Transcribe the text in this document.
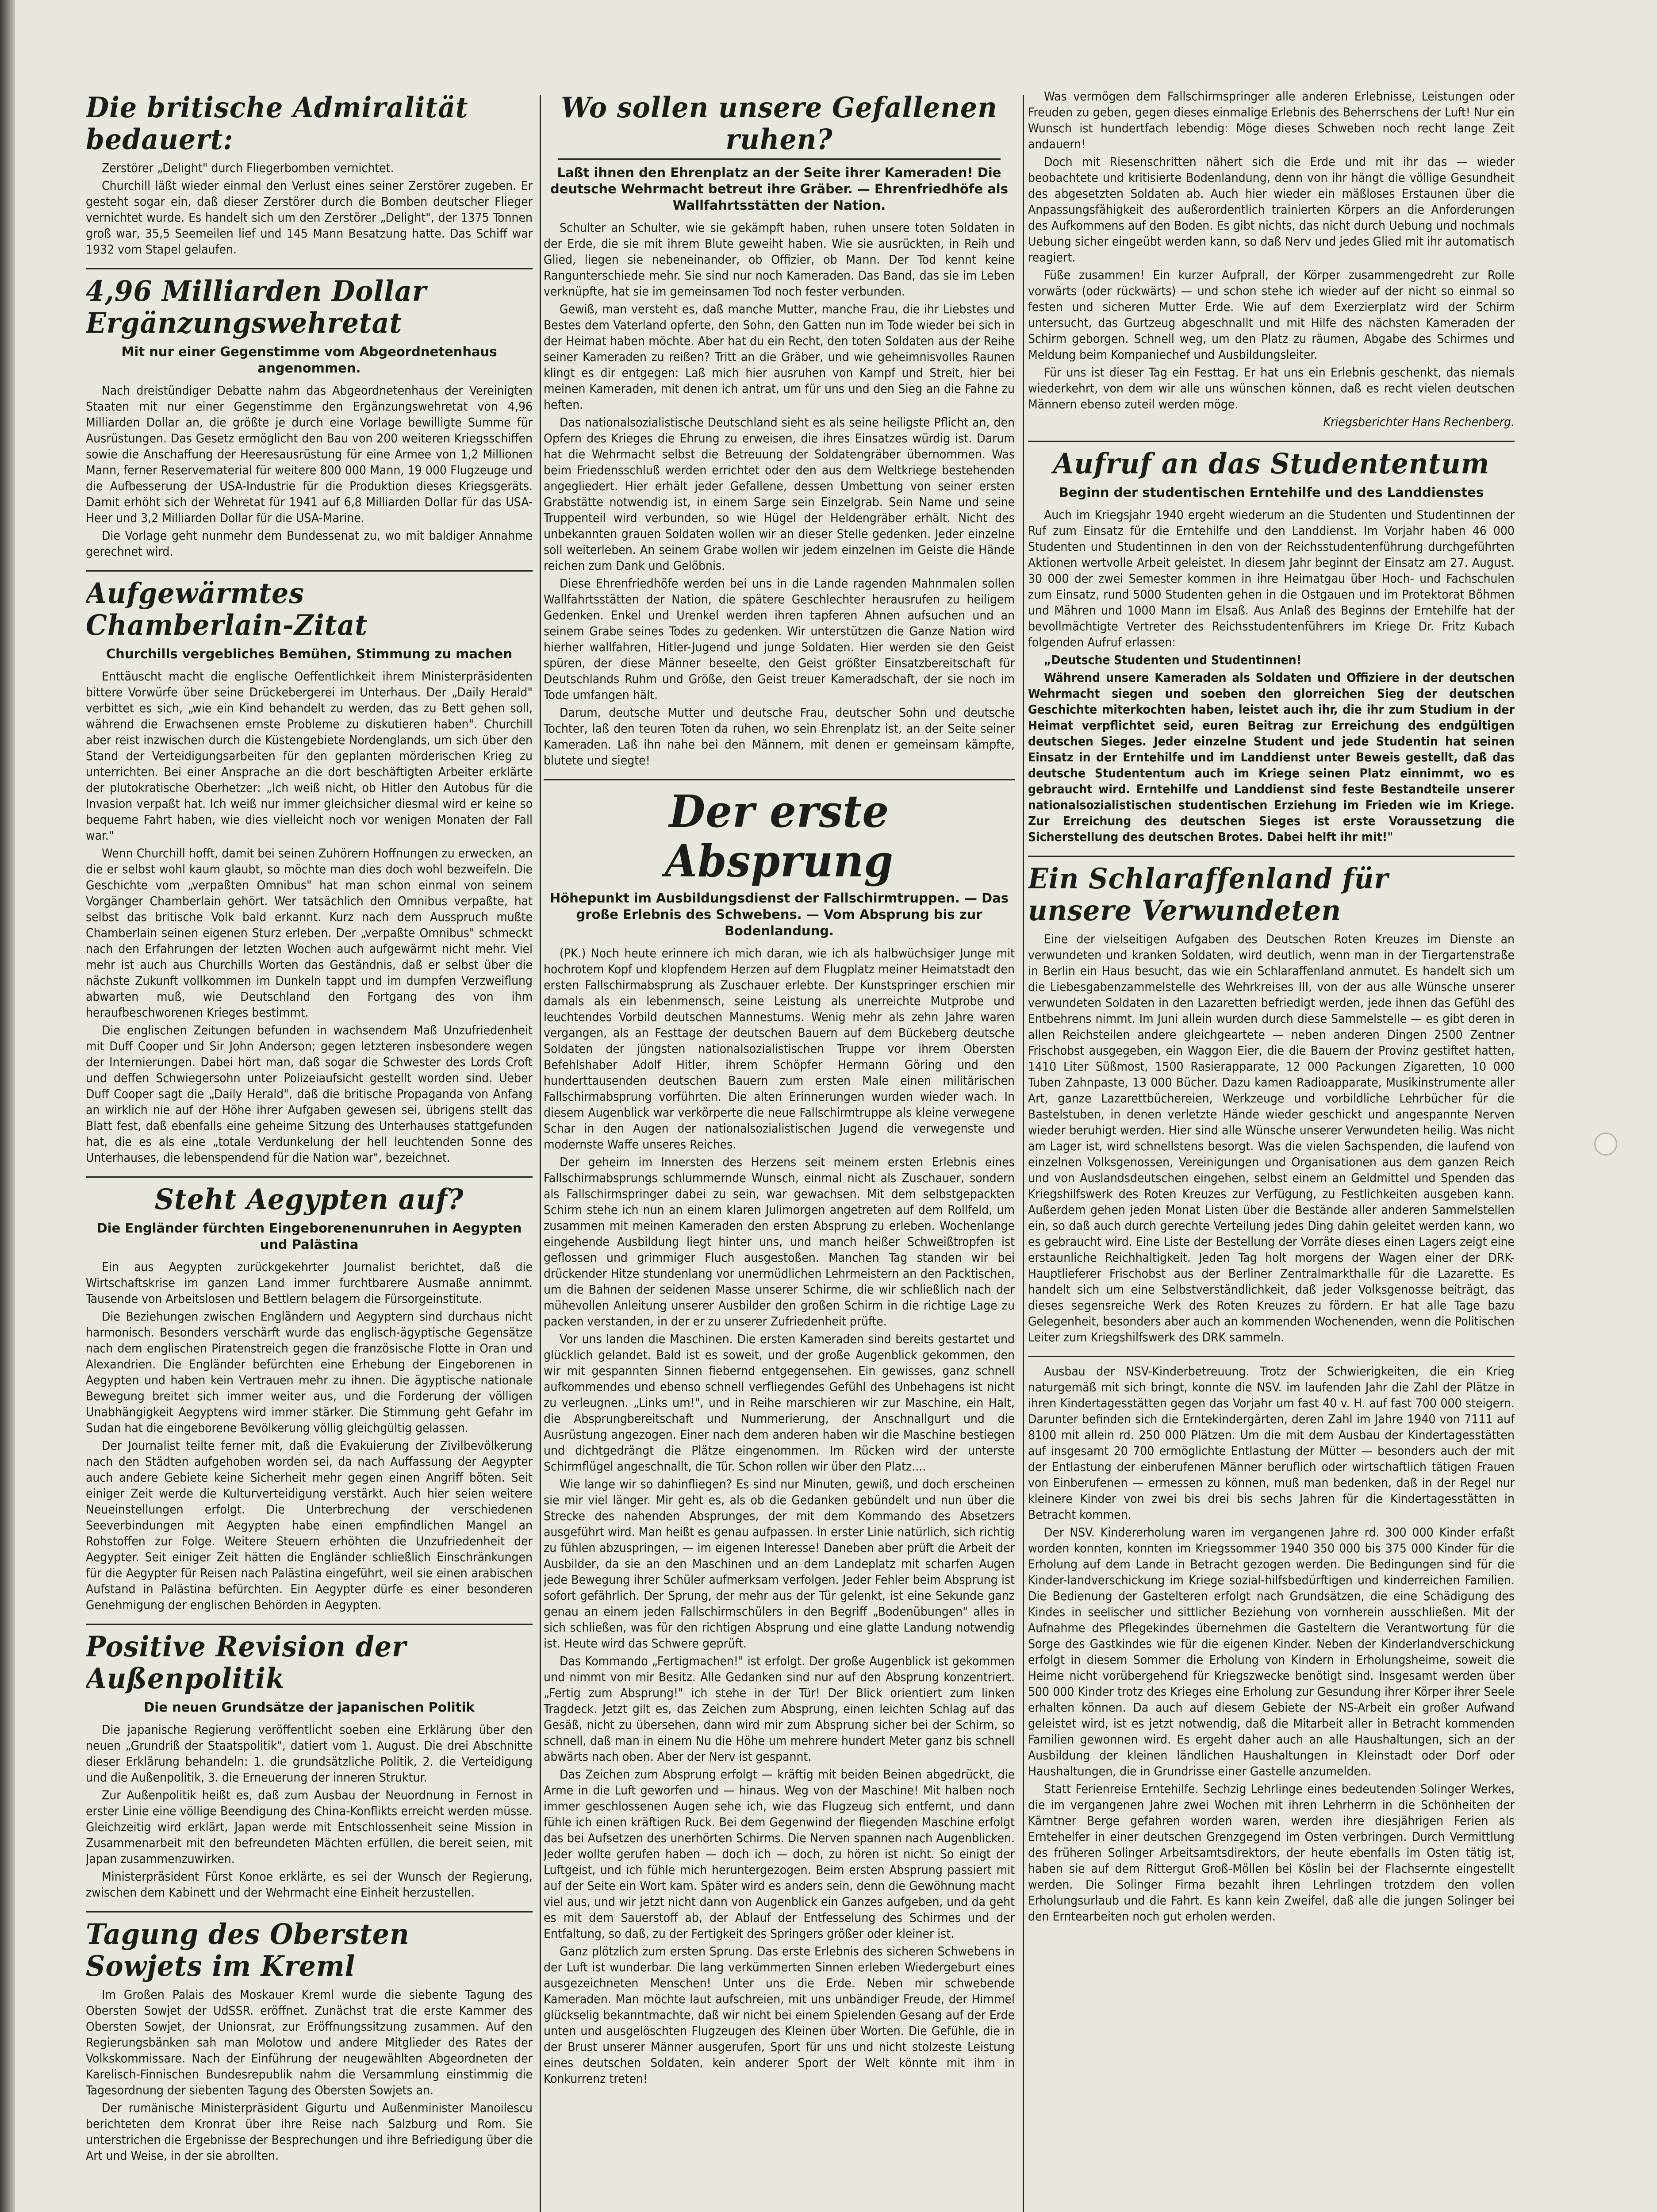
Die britische Admiralität bedauert:

Zerstörer „Delight" durch Fliegerbomben vernichtet.

Churchill läßt wieder einmal den Verlust eines seiner Zerstörer zugeben. Er gesteht sogar ein, daß dieser Zerstörer durch die Bomben deutscher Flieger vernichtet wurde. Es handelt sich um den Zerstörer „Delight", der 1375 Tonnen groß war, 35,5 Seemeilen lief und 145 Mann Besatzung hatte. Das Schiff war 1932 vom Stapel gelaufen.

4,96 Milliarden Dollar Ergänzungswehretat
Mit nur einer Gegenstimme vom Abgeordnetenhaus angenommen.

Nach dreistündiger Debatte nahm das Abgeordnetenhaus der Vereinigten Staaten mit nur einer Gegenstimme den Ergänzungswehretat von 4,96 Milliarden Dollar an, die größte je durch eine Vorlage bewilligte Summe für Ausrüstungen. Das Gesetz ermöglicht den Bau von 200 weiteren Kriegsschiffen sowie die Anschaffung der Heeresausrüstung für eine Armee von 1,2 Millionen Mann, ferner Reservematerial für weitere 800 000 Mann, 19 000 Flugzeuge und die Aufbesserung der USA-Industrie für die Produktion dieses Kriegsgeräts. Damit erhöht sich der Wehretat für 1941 auf 6,8 Milliarden Dollar für das USA-Heer und 3,2 Milliarden Dollar für die USA-Marine.

Die Vorlage geht nunmehr dem Bundessenat zu, wo mit baldiger Annahme gerechnet wird.

Aufgewärmtes Chamberlain-Zitat
Churchills vergebliches Bemühen, Stimmung zu machen

Enttäuscht macht die englische Oeffentlichkeit ihrem Ministerpräsidenten bittere Vorwürfe über seine Drückebergerei im Unterhaus. Der „Daily Herald" verbittet es sich, „wie ein Kind behandelt zu werden, das zu Bett gehen soll, während die Erwachsenen ernste Probleme zu diskutieren haben". Churchill aber reist inzwischen durch die Küstengebiete Nordenglands, um sich über den Stand der Verteidigungsarbeiten für den geplanten mörderischen Krieg zu unterrichten. Bei einer Ansprache an die dort beschäftigten Arbeiter erklärte der plutokratische Oberhetzer: „Ich weiß nicht, ob Hitler den Autobus für die Invasion verpaßt hat. Ich weiß nur immer gleichsicher diesmal wird er keine so bequeme Fahrt haben, wie dies vielleicht noch vor wenigen Monaten der Fall war."

Wenn Churchill hofft, damit bei seinen Zuhörern Hoffnungen zu erwecken, an die er selbst wohl kaum glaubt, so möchte man dies doch wohl bezweifeln. Die Geschichte vom „verpaßten Omnibus" hat man schon einmal von seinem Vorgänger Chamberlain gehört. Wer tatsächlich den Omnibus verpaßte, hat selbst das britische Volk bald erkannt. Kurz nach dem Ausspruch mußte Chamberlain seinen eigenen Sturz erleben. Der „verpaßte Omnibus" schmeckt nach den Erfahrungen der letzten Wochen auch aufgewärmt nicht mehr. Viel mehr ist auch aus Churchills Worten das Geständnis, daß er selbst über die nächste Zukunft vollkommen im Dunkeln tappt und im dumpfen Verzweiflung abwarten muß, wie Deutschland den Fortgang des von ihm heraufbeschworenen Krieges bestimmt.

Die englischen Zeitungen befunden in wachsendem Maß Unzufriedenheit mit Duff Cooper und Sir John Anderson; gegen letzteren insbesondere wegen der Internierungen. Dabei hört man, daß sogar die Schwester des Lords Croft und deffen Schwiegersohn unter Polizeiaufsicht gestellt worden sind. Ueber Duff Cooper sagt die „Daily Herald", daß die britische Propaganda von Anfang an wirklich nie auf der Höhe ihrer Aufgaben gewesen sei, übrigens stellt das Blatt fest, daß ebenfalls eine geheime Sitzung des Unterhauses stattgefunden hat, die es als eine „totale Verdunkelung der hell leuchtenden Sonne des Unterhauses, die lebenspendend für die Nation war", bezeichnet.

Steht Aegypten auf?
Die Engländer fürchten Eingeborenenunruhen in Aegypten und Palästina

Ein aus Aegypten zurückgekehrter Journalist berichtet, daß die Wirtschaftskrise im ganzen Land immer furchtbarere Ausmaße annimmt. Tausende von Arbeitslosen und Bettlern belagern die Fürsorgeinstitute.

Die Beziehungen zwischen Engländern und Aegyptern sind durchaus nicht harmonisch. Besonders verschärft wurde das englisch-ägyptische Gegensätze nach dem englischen Piratenstreich gegen die französische Flotte in Oran und Alexandrien. Die Engländer befürchten eine Erhebung der Eingeborenen in Aegypten und haben kein Vertrauen mehr zu ihnen. Die ägyptische nationale Bewegung breitet sich immer weiter aus, und die Forderung der völligen Unabhängigkeit Aegyptens wird immer stärker. Die Stimmung geht Gefahr im Sudan hat die eingeborene Bevölkerung völlig gleichgültig gelassen.

Der Journalist teilte ferner mit, daß die Evakuierung der Zivilbevölkerung nach den Städten aufgehoben worden sei, da nach Auffassung der Aegypter auch andere Gebiete keine Sicherheit mehr gegen einen Angriff böten. Seit einiger Zeit werde die Kulturverteidigung verstärkt. Auch hier seien weitere Neueinstellungen erfolgt. Die Unterbrechung der verschiedenen Seeverbindungen mit Aegypten habe einen empfindlichen Mangel an Rohstoffen zur Folge. Weitere Steuern erhöhten die Unzufriedenheit der Aegypter. Seit einiger Zeit hätten die Engländer schließlich Einschränkungen für die Aegypter für Reisen nach Palästina eingeführt, weil sie einen arabischen Aufstand in Palästina befürchten. Ein Aegypter dürfe es einer besonderen Genehmigung der englischen Behörden in Aegypten.

Positive Revision der Außenpolitik
Die neuen Grundsätze der japanischen Politik

Die japanische Regierung veröffentlicht soeben eine Erklärung über den neuen „Grundriß der Staatspolitik", datiert vom 1. August. Die drei Abschnitte dieser Erklärung behandeln: 1. die grundsätzliche Politik, 2. die Verteidigung und die Außenpolitik, 3. die Erneuerung der inneren Struktur.

Zur Außenpolitik heißt es, daß zum Ausbau der Neuordnung in Fernost in erster Linie eine völlige Beendigung des China-Konflikts erreicht werden müsse. Gleichzeitig wird erklärt, Japan werde mit Entschlossenheit seine Mission in Zusammenarbeit mit den befreundeten Mächten erfüllen, die bereit seien, mit Japan zusammenzuwirken.

Ministerpräsident Fürst Konoe erklärte, es sei der Wunsch der Regierung, zwischen dem Kabinett und der Wehrmacht eine Einheit herzustellen.

Tagung des Obersten Sowjets im Kreml

Im Großen Palais des Moskauer Kreml wurde die siebente Tagung des Obersten Sowjet der UdSSR. eröffnet. Zunächst trat die erste Kammer des Obersten Sowjet, der Unionsrat, zur Eröffnungssitzung zusammen. Auf den Regierungsbänken sah man Molotow und andere Mitglieder des Rates der Volkskommissare. Nach der Einführung der neugewählten Abgeordneten der Karelisch-Finnischen Bundesrepublik nahm die Versammlung einstimmig die Tagesordnung der siebenten Tagung des Obersten Sowjets an.

Der rumänische Ministerpräsident Gigurtu und Außenminister Manoilescu berichteten dem Kronrat über ihre Reise nach Salzburg und Rom. Sie unterstrichen die Ergebnisse der Besprechungen und ihre Befriedigung über die Art und Weise, in der sie abrollten.

Wo sollen unsere Gefallenen ruhen?
Laßt ihnen den Ehrenplatz an der Seite ihrer Kameraden! Die deutsche Wehrmacht betreut ihre Gräber. — Ehrenfriedhöfe als Wallfahrtsstätten der Nation.

Schulter an Schulter, wie sie gekämpft haben, ruhen unsere toten Soldaten in der Erde, die sie mit ihrem Blute geweiht haben. Wie sie ausrückten, in Reih und Glied, liegen sie nebeneinander, ob Offizier, ob Mann. Der Tod kennt keine Rangunterschiede mehr. Sie sind nur noch Kameraden. Das Band, das sie im Leben verknüpfte, hat sie im gemeinsamen Tod noch fester verbunden.

Gewiß, man versteht es, daß manche Mutter, manche Frau, die ihr Liebstes und Bestes dem Vaterland opferte, den Sohn, den Gatten nun im Tode wieder bei sich in der Heimat haben möchte. Aber hat du ein Recht, den toten Soldaten aus der Reihe seiner Kameraden zu reißen? Tritt an die Gräber, und wie geheimnisvolles Raunen klingt es dir entgegen: Laß mich hier ausruhen von Kampf und Streit, hier bei meinen Kameraden, mit denen ich antrat, um für uns und den Sieg an die Fahne zu heften.

Das nationalsozialistische Deutschland sieht es als seine heiligste Pflicht an, den Opfern des Krieges die Ehrung zu erweisen, die ihres Einsatzes würdig ist. Darum hat die Wehrmacht selbst die Betreuung der Soldatengräber übernommen. Was beim Friedensschluß werden errichtet oder den aus dem Weltkriege bestehenden angegliedert. Hier erhält jeder Gefallene, dessen Umbettung von seiner ersten Grabstätte notwendig ist, in einem Sarge sein Einzelgrab. Sein Name und seine Truppenteil wird verbunden, so wie Hügel der Heldengräber erhält. Nicht des unbekannten grauen Soldaten wollen wir an dieser Stelle gedenken. Jeder einzelne soll weiterleben. An seinem Grabe wollen wir jedem einzelnen im Geiste die Hände reichen zum Dank und Gelöbnis.

Diese Ehrenfriedhöfe werden bei uns in die Lande ragenden Mahnmalen sollen Wallfahrtsstätten der Nation, die spätere Geschlechter herausrufen zu heiligem Gedenken. Enkel und Urenkel werden ihren tapferen Ahnen aufsuchen und an seinem Grabe seines Todes zu gedenken. Wir unterstützen die Ganze Nation wird hierher wallfahren, Hitler-Jugend und junge Soldaten. Hier werden sie den Geist spüren, der diese Männer beseelte, den Geist größter Einsatzbereitschaft für Deutschlands Ruhm und Größe, den Geist treuer Kameradschaft, der sie noch im Tode umfangen hält.

Darum, deutsche Mutter und deutsche Frau, deutscher Sohn und deutsche Tochter, laß den teuren Toten da ruhen, wo sein Ehrenplatz ist, an der Seite seiner Kameraden. Laß ihn nahe bei den Männern, mit denen er gemeinsam kämpfte, blutete und siegte!

Der erste Absprung
Höhepunkt im Ausbildungsdienst der Fallschirmtruppen. — Das große Erlebnis des Schwebens. — Vom Absprung bis zur Bodenlandung.

(PK.) Noch heute erinnere ich mich daran, wie ich als halbwüchsiger Junge mit hochrotem Kopf und klopfendem Herzen auf dem Flugplatz meiner Heimatstadt den ersten Fallschirmabsprung als Zuschauer erlebte. Der Kunstspringer erschien mir damals als ein lebenmensch, seine Leistung als unerreichte Mutprobe und leuchtendes Vorbild deutschen Mannestums. Wenig mehr als zehn Jahre waren vergangen, als an Festtage der deutschen Bauern auf dem Bückeberg deutsche Soldaten der jüngsten nationalsozialistischen Truppe vor ihrem Obersten Befehlshaber Adolf Hitler, ihrem Schöpfer Hermann Göring und den hunderttausenden deutschen Bauern zum ersten Male einen militärischen Fallschirmabsprung vorführten. Die alten Erinnerungen wurden wieder wach. In diesem Augenblick war verkörperte die neue Fallschirmtruppe als kleine verwegene Schar in den Augen der nationalsozialistischen Jugend die verwegenste und modernste Waffe unseres Reiches.

Der geheim im Innersten des Herzens seit meinem ersten Erlebnis eines Fallschirmabsprungs schlummernde Wunsch, einmal nicht als Zuschauer, sondern als Fallschirmspringer dabei zu sein, war gewachsen. Mit dem selbstgepackten Schirm stehe ich nun an einem klaren Julimorgen angetreten auf dem Rollfeld, um zusammen mit meinen Kameraden den ersten Absprung zu erleben. Wochenlange eingehende Ausbildung liegt hinter uns, und manch heißer Schweißtropfen ist geflossen und grimmiger Fluch ausgestoßen. Manchen Tag standen wir bei drückender Hitze stundenlang vor unermüdlichen Lehrmeistern an den Packtischen, um die Bahnen der seidenen Masse unserer Schirme, die wir schließlich nach der mühevollen Anleitung unserer Ausbilder den großen Schirm in die richtige Lage zu packen verstanden, in der er zu unserer Zufriedenheit prüfte.

Vor uns landen die Maschinen. Die ersten Kameraden sind bereits gestartet und glücklich gelandet. Bald ist es soweit, und der große Augenblick gekommen, den wir mit gespannten Sinnen fiebernd entgegensehen. Ein gewisses, ganz schnell aufkommendes und ebenso schnell verfliegendes Gefühl des Unbehagens ist nicht zu verleugnen. „Links um!", und in Reihe marschieren wir zur Maschine, ein Halt, die Absprungbereitschaft und Nummerierung, der Anschnallgurt und die Ausrüstung angezogen. Einer nach dem anderen haben wir die Maschine bestiegen und dichtgedrängt die Plätze eingenommen. Im Rücken wird der unterste Schirmflügel angeschnallt, die Tür. Schon rollen wir über den Platz....

Wie lange wir so dahinfliegen? Es sind nur Minuten, gewiß, und doch erscheinen sie mir viel länger. Mir geht es, als ob die Gedanken gebündelt und nun über die Strecke des nahenden Absprunges, der mit dem Kommando des Absetzers ausgeführt wird. Man heißt es genau aufpassen. In erster Linie natürlich, sich richtig zu fühlen abzuspringen, — im eigenen Interesse! Daneben aber prüft die Arbeit der Ausbilder, da sie an den Maschinen und an dem Landeplatz mit scharfen Augen jede Bewegung ihrer Schüler aufmerksam verfolgen. Jeder Fehler beim Absprung ist sofort gefährlich. Der Sprung, der mehr aus der Tür gelenkt, ist eine Sekunde ganz genau an einem jeden Fallschirmschülers in den Begriff „Bodenübungen" alles in sich schließen, was für den richtigen Absprung und eine glatte Landung notwendig ist. Heute wird das Schwere geprüft.

Das Kommando „Fertigmachen!" ist erfolgt. Der große Augenblick ist gekommen und nimmt von mir Besitz. Alle Gedanken sind nur auf den Absprung konzentriert. „Fertig zum Absprung!" ich stehe in der Tür! Der Blick orientiert zum linken Tragdeck. Jetzt gilt es, das Zeichen zum Absprung, einen leichten Schlag auf das Gesäß, nicht zu übersehen, dann wird mir zum Absprung sicher bei der Schirm, so schnell, daß man in einem Nu die Höhe um mehrere hundert Meter ganz bis schnell abwärts nach oben. Aber der Nerv ist gespannt.

Das Zeichen zum Absprung erfolgt — kräftig mit beiden Beinen abgedrückt, die Arme in die Luft geworfen und — hinaus. Weg von der Maschine! Mit halben noch immer geschlossenen Augen sehe ich, wie das Flugzeug sich entfernt, und dann fühle ich einen kräftigen Ruck. Bei dem Gegenwind der fliegenden Maschine erfolgt das bei Aufsetzen des unerhörten Schirms. Die Nerven spannen nach Augenblicken. Jeder wollte gerufen haben — doch ich — doch, zu hören ist nicht. So einigt der Luftgeist, und ich fühle mich heruntergezogen. Beim ersten Absprung passiert mit auf der Seite ein Wort kam. Später wird es anders sein, denn die Gewöhnung macht viel aus, und wir jetzt nicht dann von Augenblick ein Ganzes aufgeben, und da geht es mit dem Sauerstoff ab, der Ablauf der Entfesselung des Schirmes und der Entfaltung, so daß, zu der Fertigkeit des Springers größer oder kleiner ist.

Ganz plötzlich zum ersten Sprung. Das erste Erlebnis des sicheren Schwebens in der Luft ist wunderbar. Die lang verkümmerten Sinnen erleben Wiedergeburt eines ausgezeichneten Menschen! Unter uns die Erde. Neben mir schwebende Kameraden. Man möchte laut aufschreien, mit uns unbändiger Freude, der Himmel glückselig bekanntmachte, daß wir nicht bei einem Spielenden Gesang auf der Erde unten und ausgelöschten Flugzeugen des Kleinen über Worten. Die Gefühle, die in der Brust unserer Männer ausgerufen, Sport für uns und nicht stolzeste Leistung eines deutschen Soldaten, kein anderer Sport der Welt könnte mit ihm in Konkurrenz treten!

Was vermögen dem Fallschirmspringer alle anderen Erlebnisse, Leistungen oder Freuden zu geben, gegen dieses einmalige Erlebnis des Beherrschens der Luft! Nur ein Wunsch ist hundertfach lebendig: Möge dieses Schweben noch recht lange Zeit andauern!

Doch mit Riesenschritten nähert sich die Erde und mit ihr das — wieder beobachtete und kritisierte Bodenlandung, denn von ihr hängt die völlige Gesundheit des abgesetzten Soldaten ab. Auch hier wieder ein mäßloses Erstaunen über die Anpassungsfähigkeit des außerordentlich trainierten Körpers an die Anforderungen des Aufkommens auf den Boden. Es gibt nichts, das nicht durch Uebung und nochmals Uebung sicher eingeübt werden kann, so daß Nerv und jedes Glied mit ihr automatisch reagiert.

Füße zusammen! Ein kurzer Aufprall, der Körper zusammengedreht zur Rolle vorwärts (oder rückwärts) — und schon stehe ich wieder auf der nicht so einmal so festen und sicheren Mutter Erde. Wie auf dem Exerzierplatz wird der Schirm untersucht, das Gurtzeug abgeschnallt und mit Hilfe des nächsten Kameraden der Schirm geborgen. Schnell weg, um den Platz zu räumen, Abgabe des Schirmes und Meldung beim Kompaniechef und Ausbildungsleiter.

Für uns ist dieser Tag ein Festtag. Er hat uns ein Erlebnis geschenkt, das niemals wiederkehrt, von dem wir alle uns wünschen können, daß es recht vielen deutschen Männern ebenso zuteil werden möge.

Kriegsberichter Hans Rechenberg.

Aufruf an das Studententum
Beginn der studentischen Erntehilfe und des Landdienstes

Auch im Kriegsjahr 1940 ergeht wiederum an die Studenten und Studentinnen der Ruf zum Einsatz für die Erntehilfe und den Landdienst. Im Vorjahr haben 46 000 Studenten und Studentinnen in den von der Reichsstudentenführung durchgeführten Aktionen wertvolle Arbeit geleistet. In diesem Jahr beginnt der Einsatz am 27. August. 30 000 der zwei Semester kommen in ihre Heimatgau über Hoch- und Fachschulen zum Einsatz, rund 5000 Studenten gehen in die Ostgauen und im Protektorat Böhmen und Mähren und 1000 Mann im Elsaß. Aus Anlaß des Beginns der Erntehilfe hat der bevollmächtigte Vertreter des Reichsstudentenführers im Kriege Dr. Fritz Kubach folgenden Aufruf erlassen:

„Deutsche Studenten und Studentinnen!

Während unsere Kameraden als Soldaten und Offiziere in der deutschen Wehrmacht siegen und soeben den glorreichen Sieg der deutschen Geschichte miterkochten haben, leistet auch ihr, die ihr zum Studium in der Heimat verpflichtet seid, euren Beitrag zur Erreichung des endgültigen deutschen Sieges. Jeder einzelne Student und jede Studentin hat seinen Einsatz in der Erntehilfe und im Landdienst unter Beweis gestellt, daß das deutsche Studententum auch im Kriege seinen Platz einnimmt, wo es gebraucht wird. Erntehilfe und Landdienst sind feste Bestandteile unserer nationalsozialistischen studentischen Erziehung im Frieden wie im Kriege. Zur Erreichung des deutschen Sieges ist erste Voraussetzung die Sicherstellung des deutschen Brotes. Dabei helft ihr mit!"

Ein Schlaraffenland für unsere Verwundeten

Eine der vielseitigen Aufgaben des Deutschen Roten Kreuzes im Dienste an verwundeten und kranken Soldaten, wird deutlich, wenn man in der Tiergartenstraße in Berlin ein Haus besucht, das wie ein Schlaraffenland anmutet. Es handelt sich um die Liebesgabenzammelstelle des Wehrkreises III, von der aus alle Wünsche unserer verwundeten Soldaten in den Lazaretten befriedigt werden, jede ihnen das Gefühl des Entbehrens nimmt. Im Juni allein wurden durch diese Sammelstelle — es gibt deren in allen Reichsteilen andere gleichgeartete — neben anderen Dingen 2500 Zentner Frischobst ausgegeben, ein Waggon Eier, die die Bauern der Provinz gestiftet hatten, 1410 Liter Süßmost, 1500 Rasierapparate, 12 000 Packungen Zigaretten, 10 000 Tuben Zahnpaste, 13 000 Bücher. Dazu kamen Radioapparate, Musikinstrumente aller Art, ganze Lazarettbüchereien, Werkzeuge und vorbildliche Lehrbücher für die Bastelstuben, in denen verletzte Hände wieder geschickt und angespannte Nerven wieder beruhigt werden. Hier sind alle Wünsche unserer Verwundeten heilig. Was nicht am Lager ist, wird schnellstens besorgt. Was die vielen Sachspenden, die laufend von einzelnen Volksgenossen, Vereinigungen und Organisationen aus dem ganzen Reich und von Auslandsdeutschen eingehen, selbst einem an Geldmittel und Spenden das Kriegshilfswerk des Roten Kreuzes zur Verfügung, zu Festlichkeiten ausgeben kann. Außerdem gehen jeden Monat Listen über die Bestände aller anderen Sammelstellen ein, so daß auch durch gerechte Verteilung jedes Ding dahin geleitet werden kann, wo es gebraucht wird. Eine Liste der Bestellung der Vorräte dieses einen Lagers zeigt eine erstaunliche Reichhaltigkeit. Jeden Tag holt morgens der Wagen einer der DRK-Hauptlieferer Frischobst aus der Berliner Zentralmarkthalle für die Lazarette. Es handelt sich um eine Selbstverständlichkeit, daß jeder Volksgenosse beiträgt, das dieses segensreiche Werk des Roten Kreuzes zu fördern. Er hat alle Tage bazu Gelegenheit, besonders aber auch an kommenden Wochenenden, wenn die Politischen Leiter zum Kriegshilfswerk des DRK sammeln.

Ausbau der NSV-Kinderbetreuung. Trotz der Schwierigkeiten, die ein Krieg naturgemäß mit sich bringt, konnte die NSV. im laufenden Jahr die Zahl der Plätze in ihren Kindertagesstätten gegen das Vorjahr um fast 40 v. H. auf fast 700 000 steigern. Darunter befinden sich die Erntekindergärten, deren Zahl im Jahre 1940 von 7111 auf 8100 mit allein rd. 250 000 Plätzen. Um die mit dem Ausbau der Kindertagesstätten auf insgesamt 20 700 ermöglichte Entlastung der Mütter — besonders auch der mit der Entlastung der einberufenen Männer beruflich oder wirtschaftlich tätigen Frauen von Einberufenen — ermessen zu können, muß man bedenken, daß in der Regel nur kleinere Kinder von zwei bis drei bis sechs Jahren für die Kindertagesstätten in Betracht kommen.

Der NSV. Kindererholung waren im vergangenen Jahre rd. 300 000 Kinder erfaßt worden konnten, konnten im Kriegssommer 1940 350 000 bis 375 000 Kinder für die Erholung auf dem Lande in Betracht gezogen werden. Die Bedingungen sind für die Kinder-landverschickung im Kriege sozial-hilfsbedürftigen und kinderreichen Familien. Die Bedienung der Gastelteren erfolgt nach Grundsätzen, die eine Schädigung des Kindes in seelischer und sittlicher Beziehung von vornherein ausschließen. Mit der Aufnahme des Pflegekindes übernehmen die Gasteltern die Verantwortung für die Sorge des Gastkindes wie für die eigenen Kinder. Neben der Kinderlandverschickung erfolgt in diesem Sommer die Erholung von Kindern in Erholungsheime, soweit die Heime nicht vorübergehend für Kriegszwecke benötigt sind. Insgesamt werden über 500 000 Kinder trotz des Krieges eine Erholung zur Gesundung ihrer Körper ihrer Seele erhalten können. Da auch auf diesem Gebiete der NS-Arbeit ein großer Aufwand geleistet wird, ist es jetzt notwendig, daß die Mitarbeit aller in Betracht kommenden Familien gewonnen wird. Es ergeht daher auch an alle Haushaltungen, sich an der Ausbildung der kleinen ländlichen Haushaltungen in Kleinstadt oder Dorf oder Haushaltungen, die in Grundrisse einer Gastelle anzumelden.

Statt Ferienreise Erntehilfe. Sechzig Lehrlinge eines bedeutenden Solinger Werkes, die im vergangenen Jahre zwei Wochen mit ihren Lehrherrn in die Schönheiten der Kärntner Berge gefahren worden waren, werden ihre diesjährigen Ferien als Erntehelfer in einer deutschen Grenzgegend im Osten verbringen. Durch Vermittlung des früheren Solinger Arbeitsamtsdirektors, der heute ebenfalls im Osten tätig ist, haben sie auf dem Rittergut Groß-Möllen bei Köslin bei der Flachsernte eingestellt werden. Die Solinger Firma bezahlt ihren Lehrlingen trotzdem den vollen Erholungsurlaub und die Fahrt. Es kann kein Zweifel, daß alle die jungen Solinger bei den Erntearbeiten noch gut erholen werden.
